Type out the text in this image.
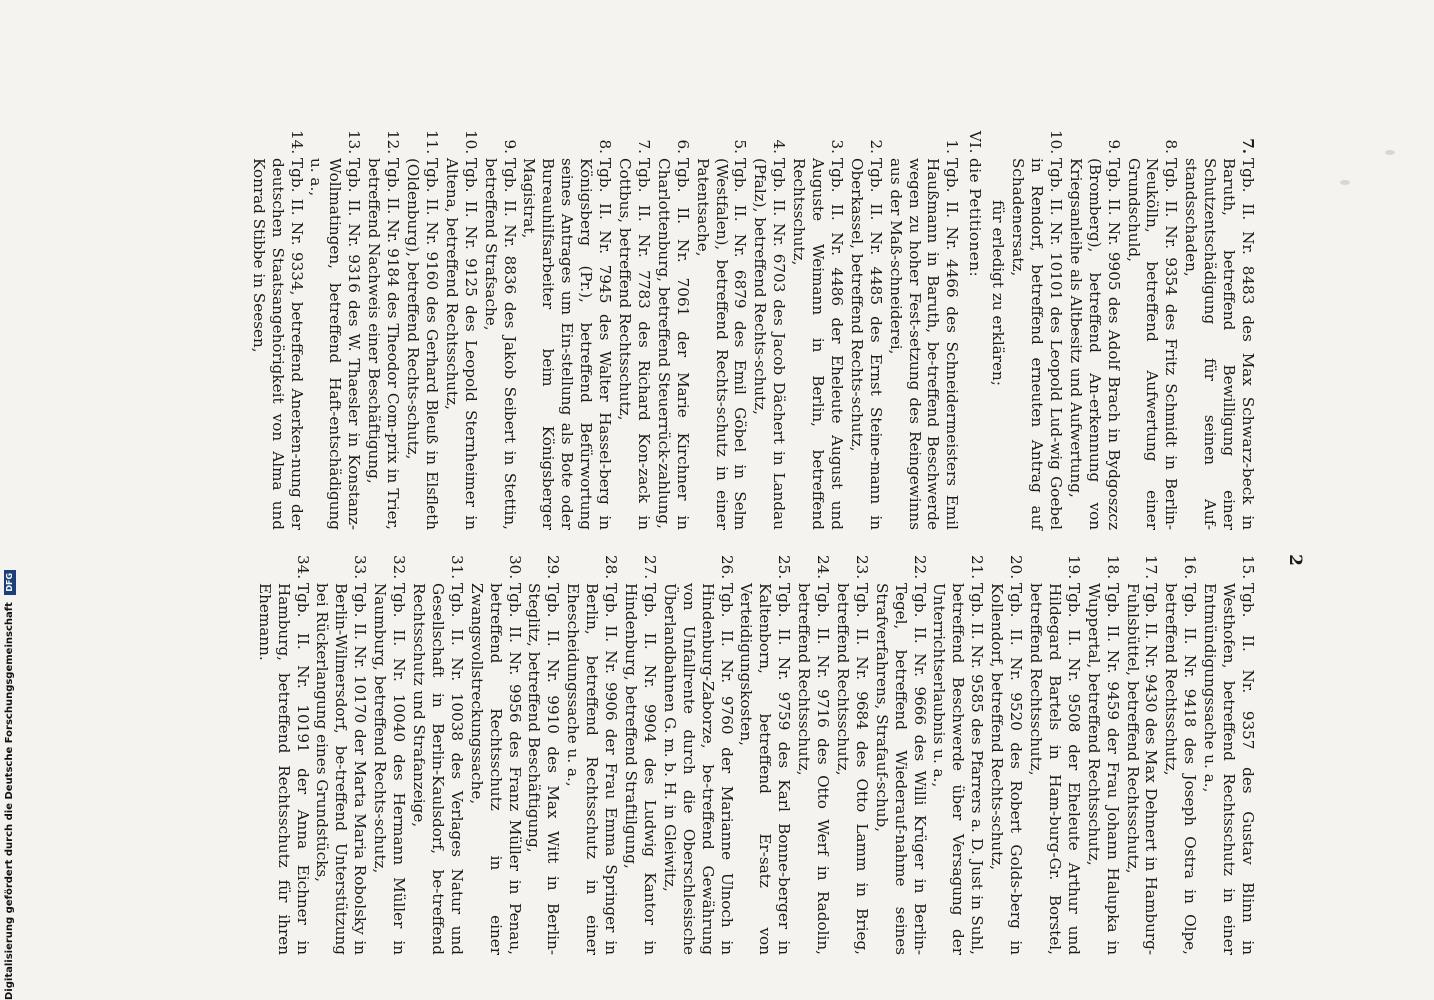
2
7.
Tgb. II. Nr. 8483 des Max Schwarz-beck in Baruth, betreffend Bewilligung einer Schutzentschädigung für seinen Auf-standsschaden,
8.
Tgb. II. Nr. 9354 des Fritz Schmidt in Berlin-Neukölln, betreffend Aufwertung einer Grundschuld,
9.
Tgb. II. Nr. 9905 des Adolf Brach in Bydgoszcz (Bromberg), betreffend An-erkennung von Kriegsanleihe als Altbesitz und Aufwertung,
10.
Tgb. II. Nr. 10101 des Leopold Lud-wig Goebel in Rendorf, betreffend erneuten Antrag auf Schadenersatz,
für erledigt zu erklären;
VI.
die Petitionen:
1.
Tgb. II. Nr. 4466 des Schneidermeisters Emil Haußmann in Baruth, be-treffend Beschwerde wegen zu hoher Fest-setzung des Reingewinns aus der Maß-schneiderei,
2.
Tgb. II. Nr. 4485 des Ernst Steine-mann in Oberkassel, betreffend Rechts-schutz,
3.
Tgb. II. Nr. 4486 der Eheleute August und Auguste Weimann in Berlin, betreffend Rechtsschutz,
4.
Tgb. II. Nr. 6703 des Jacob Dächert in Landau (Pfalz), betreffend Rechts-schutz,
5.
Tgb. II. Nr. 6879 des Emil Göbel in Selm (Westfalen), betreffend Rechts-schutz in einer Patentsache,
6.
Tgb. II. Nr. 7061 der Marie Kirchner in Charlottenburg, betreffend Steuerrück-zahlung,
7.
Tgb. II. Nr. 7783 des Richard Kon-zack in Cottbus, betreffend Rechtsschutz,
8.
Tgb. II. Nr. 7945 des Walter Hassel-berg in Königsberg (Pr.), betreffend Befürwortung seines Antrages um Ein-stellung als Bote oder Bureauhilfsarbeiter beim Königsberger Magistrat,
9.
Tgb. II. Nr. 8836 des Jakob Seibert in Stettin, betreffend Strafsache,
10.
Tgb. II. Nr. 9125 des Leopold Sternheimer in Altena, betreffend Rechtsschutz,
11.
Tgb. II. Nr. 9160 des Gerhard Bleuß in Elsfleth (Oldenburg), betreffend Rechts-schutz,
12.
Tgb. II. Nr. 9184 des Theodor Com-prix in Trier, betreffend Nachweis einer Beschäftigung,
13.
Tgb. II. Nr. 9316 des W. Thaesler in Konstanz-Wollmatingen, betreffend Haft-entschädigung u. a.,
14.
Tgb. II. Nr. 9334, betreffend Anerken-nung der deutschen Staatsangehörigkeit von Alma und Konrad Stibbe in Seesen,
15.
Tgb. II. Nr. 9357 des Gustav Blinn in Westhofen, betreffend Rechtsschutz in einer Entmündigungssache u. a.,
16.
Tgb. II. Nr. 9418 des Joseph Ostra in Olpe, betreffend Rechtsschutz,
17.
Tgb. II. Nr. 9430 des Max Dehnert in Hamburg-Fuhlsbüttel, betreffend Rechtsschutz,
18.
Tgb. II. Nr. 9459 der Frau Johann Halupka in Wuppertal, betreffend Rechtsschutz,
19.
Tgb. II. Nr. 9508 der Eheleute Arthur und Hildegard Bartels in Ham-burg-Gr. Borstel, betreffend Rechtsschutz,
20.
Tgb. II. Nr. 9520 des Robert Golds-berg in Kollendorf, betreffend Rechts-schutz,
21.
Tgb. II. Nr. 9585 des Pfarrers a. D. Just in Suhl, betreffend Beschwerde über Versagung der Unterrichtserlaubnis u. a.,
22.
Tgb. II. Nr. 9666 des Willi Krüger in Berlin-Tegel, betreffend Wiederauf-nahme seines Strafverfahrens, Strafauf-schub,
23.
Tgb. II. Nr. 9684 des Otto Lamm in Brieg, betreffend Rechtsschutz,
24.
Tgb. II. Nr. 9716 des Otto Werf in Radolin, betreffend Rechtsschutz,
25.
Tgb. II. Nr. 9759 des Karl Bonne-berger in Kaltenborn, betreffend Er-satz von Verteidigungskosten,
26.
Tgb. II. Nr. 9760 der Marianne Ulnoch in Hindenburg-Zaborze, be-treffend Gewährung von Unfallrente durch die Oberschlesische Überlandbahnen G. m. b. H. in Gleiwitz,
27.
Tgb. II. Nr. 9904 des Ludwig Kantor in Hindenburg, betreffend Straftilgung,
28.
Tgb. II. Nr. 9906 der Frau Emma Springer in Berlin, betreffend Rechtsschutz in einer Ehescheidungssache u. a.,
29.
Tgb. II. Nr. 9910 des Max Witt in Berlin-Steglitz, betreffend Beschäftigung,
30.
Tgb. II. Nr. 9956 des Franz Müller in Penau, betreffend Rechtsschutz in einer Zwangsvollstreckungssache,
31.
Tgb. II. Nr. 10038 des Verlages Natur und Gesellschaft in Berlin-Kaulsdorf, be-treffend Rechtsschutz und Strafanzeige,
32.
Tgb. II. Nr. 10040 des Hermann Müller in Naumburg, betreffend Rechts-schutz,
33.
Tgb. II. Nr. 10170 der Marta Maria Robolsky in Berlin-Wilmersdorf, be-treffend Unterstützung bei Rückerlangung eines Grundstücks,
34.
Tgb. II. Nr. 10191 der Anna Eichner in Hamburg, betreffend Rechtsschutz für ihren Ehemann.
Digitalisierung gefördert durch die Deutsche Forschungsgemeinschaft DFG
